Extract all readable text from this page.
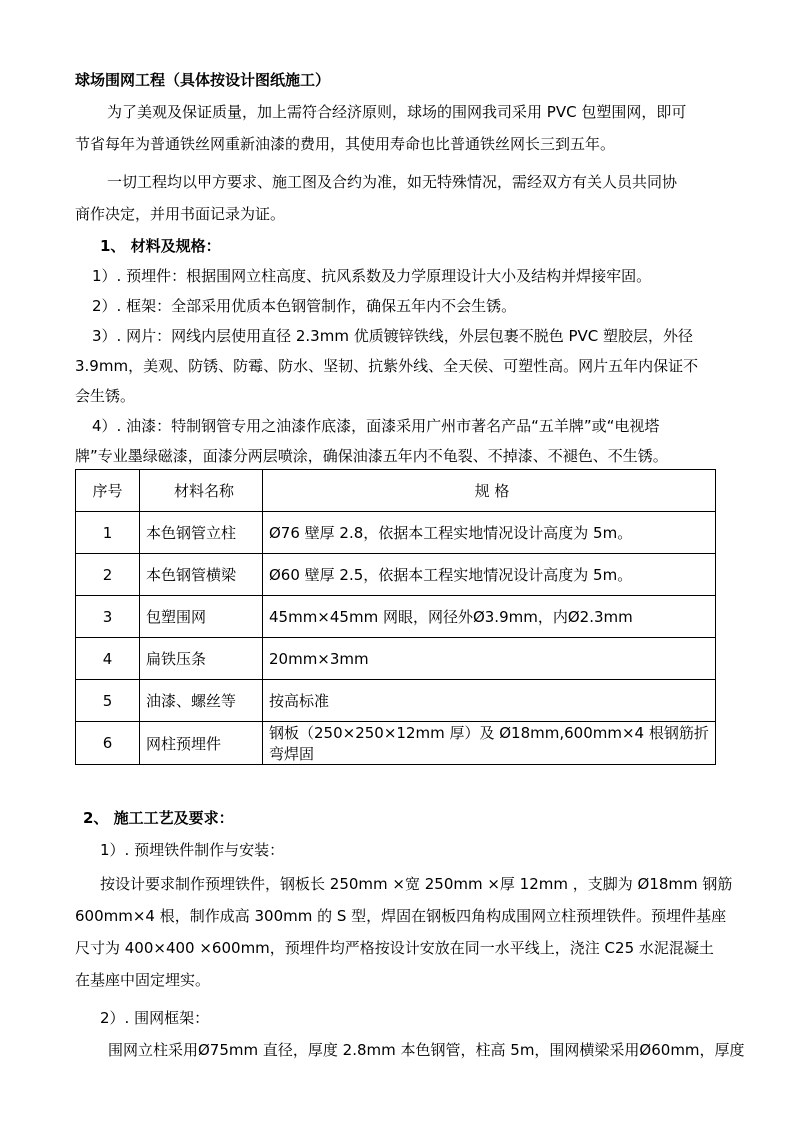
球场围网工程（具体按设计图纸施工）
为了美观及保证质量，加上需符合经济原则，球场的围网我司采用 PVC 包塑围网，即可
节省每年为普通铁丝网重新油漆的费用，其使用寿命也比普通铁丝网长三到五年。
一切工程均以甲方要求、施工图及合约为准，如无特殊情况，需经双方有关人员共同协
商作决定，并用书面记录为证。
1、 材料及规格：
1）. 预埋件：根据围网立柱高度、抗风系数及力学原理设计大小及结构并焊接牢固。
2）. 框架：全部采用优质本色钢管制作，确保五年内不会生锈。
3）. 网片：网线内层使用直径 2.3mm 优质镀锌铁线，外层包裹不脱色 PVC 塑胶层，外径
3.9mm，美观、防锈、防霉、防水、坚韧、抗紫外线、全天侯、可塑性高。网片五年内保证不
会生锈。
4）. 油漆：特制钢管专用之油漆作底漆，面漆采用广州市著名产品“五羊牌”或“电视塔
牌”专业墨绿磁漆，面漆分两层喷涂，确保油漆五年内不龟裂、不掉漆、不褪色、不生锈。
序号	材料名称	规 格
1	本色钢管立柱	Ø76 壁厚 2.8，依据本工程实地情况设计高度为 5m。
2	本色钢管横梁	Ø60 壁厚 2.5，依据本工程实地情况设计高度为 5m。
3	包塑围网	45mm×45mm 网眼，网径外Ø3.9mm，内Ø2.3mm
4	扁铁压条	20mm×3mm
5	油漆、螺丝等	按高标准
6	网柱预埋件	钢板（250×250×12mm 厚）及 Ø18mm,600mm×4 根钢筋折弯焊固
2、 施工工艺及要求：
1）. 预埋铁件制作与安装：
按设计要求制作预埋铁件，钢板长 250mm ×宽 250mm ×厚 12mm ，支脚为 Ø18mm 钢筋
600mm×4 根，制作成高 300mm 的 S 型，焊固在钢板四角构成围网立柱预埋铁件。预埋件基座
尺寸为 400×400 ×600mm，预埋件均严格按设计安放在同一水平线上，浇注 C25 水泥混凝土
在基座中固定埋实。
2）. 围网框架：
围网立柱采用Ø75mm 直径，厚度 2.8mm 本色钢管，柱高 5m，围网横梁采用Ø60mm，厚度
